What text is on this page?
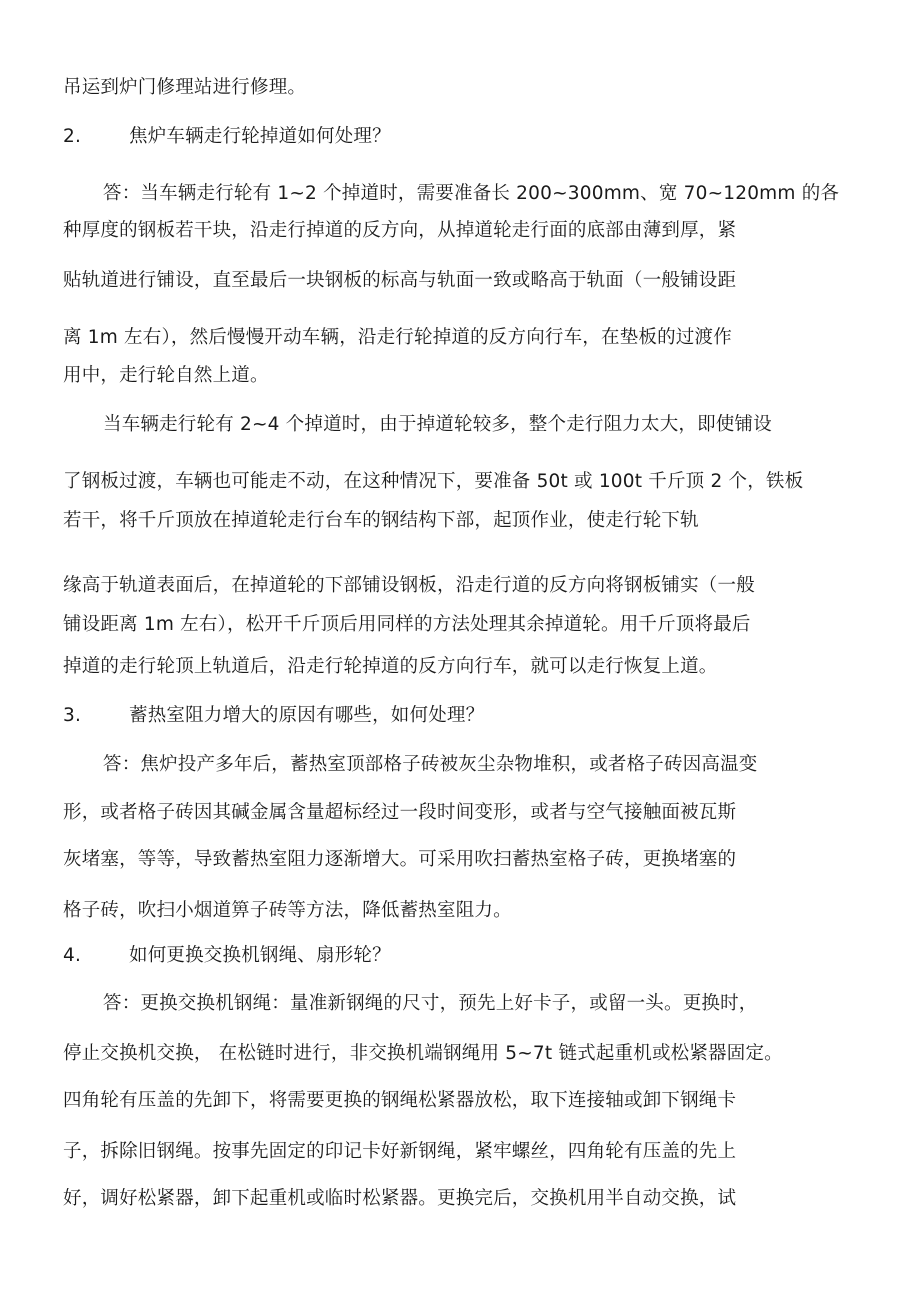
吊运到炉门修理站进行修理。
2.	焦炉车辆走行轮掉道如何处理？
答：当车辆走行轮有 1~2 个掉道时，需要准备长 200~300mm、宽 70~120mm 的各
种厚度的钢板若干块，沿走行掉道的反方向，从掉道轮走行面的底部由薄到厚，紧
贴轨道进行铺设，直至最后一块钢板的标高与轨面一致或略高于轨面（一般铺设距
离 1m 左右），然后慢慢开动车辆，沿走行轮掉道的反方向行车，在垫板的过渡作
用中，走行轮自然上道。
当车辆走行轮有 2~4 个掉道时，由于掉道轮较多，整个走行阻力太大，即使铺设
了钢板过渡，车辆也可能走不动，在这种情况下，要准备 50t 或 100t 千斤顶 2 个，铁板
若干，将千斤顶放在掉道轮走行台车的钢结构下部，起顶作业，使走行轮下轨
缘高于轨道表面后，在掉道轮的下部铺设钢板，沿走行道的反方向将钢板铺实（一般
铺设距离 1m 左右），松开千斤顶后用同样的方法处理其余掉道轮。用千斤顶将最后
掉道的走行轮顶上轨道后，沿走行轮掉道的反方向行车，就可以走行恢复上道。
3.	蓄热室阻力增大的原因有哪些，如何处理？
答：焦炉投产多年后，蓄热室顶部格子砖被灰尘杂物堆积，或者格子砖因高温变
形，或者格子砖因其碱金属含量超标经过一段时间变形，或者与空气接触面被瓦斯
灰堵塞，等等，导致蓄热室阻力逐渐增大。可采用吹扫蓄热室格子砖，更换堵塞的
格子砖，吹扫小烟道箅子砖等方法，降低蓄热室阻力。
4.	如何更换交换机钢绳、扇形轮？
答：更换交换机钢绳：量准新钢绳的尺寸，预先上好卡子，或留一头。更换时，
停止交换机交换， 在松链时进行，非交换机端钢绳用 5~7t 链式起重机或松紧器固定。
四角轮有压盖的先卸下，将需要更换的钢绳松紧器放松，取下连接轴或卸下钢绳卡
子，拆除旧钢绳。按事先固定的印记卡好新钢绳，紧牢螺丝，四角轮有压盖的先上
好，调好松紧器，卸下起重机或临时松紧器。更换完后，交换机用半自动交换，试
